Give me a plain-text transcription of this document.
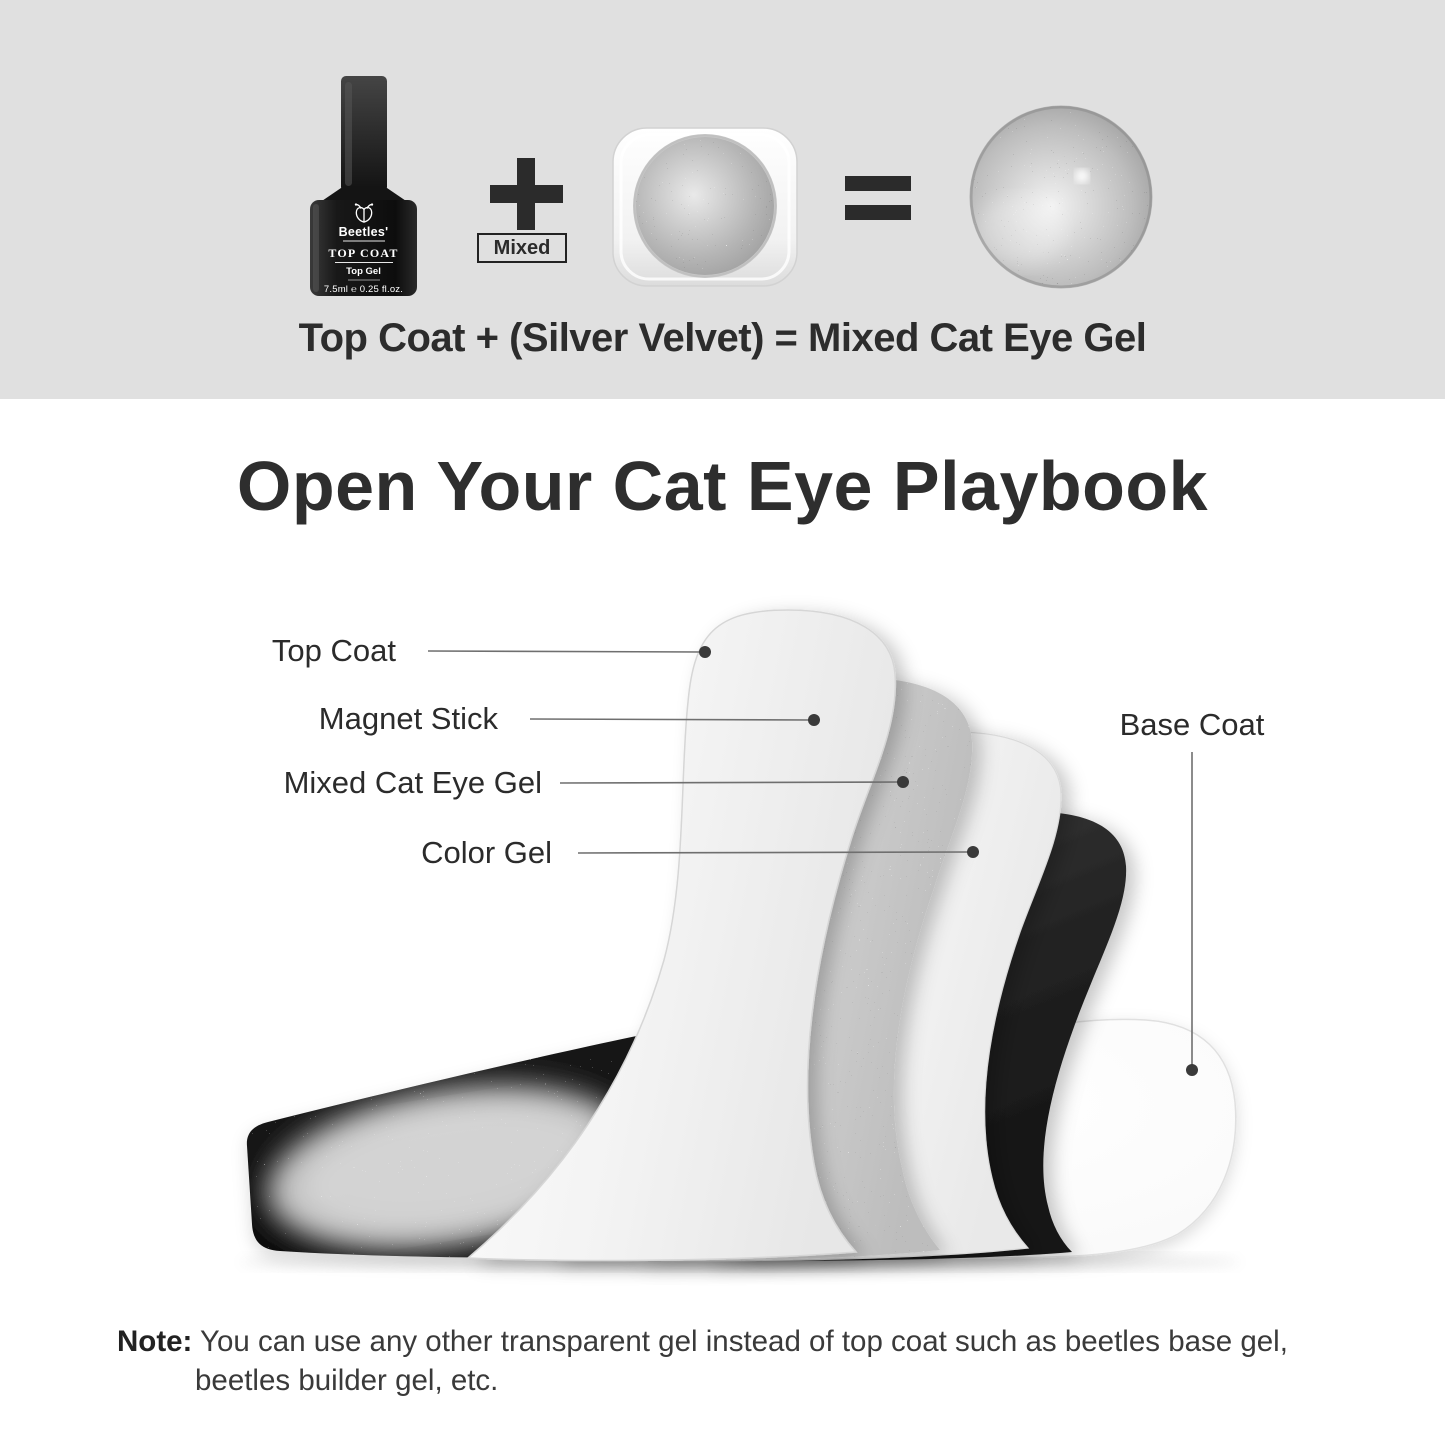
Beetles'
TOP COAT
Top Gel
7.5ml ℮ 0.25 fl.oz.
Mixed
Top Coat + (Silver Velvet) = Mixed Cat Eye Gel
Open Your Cat Eye Playbook
Top Coat
Magnet Stick
Mixed Cat Eye Gel
Color Gel
Base Coat
Note: You can use any other transparent gel instead of top coat such as beetles base gel,
beetles builder gel, etc.
